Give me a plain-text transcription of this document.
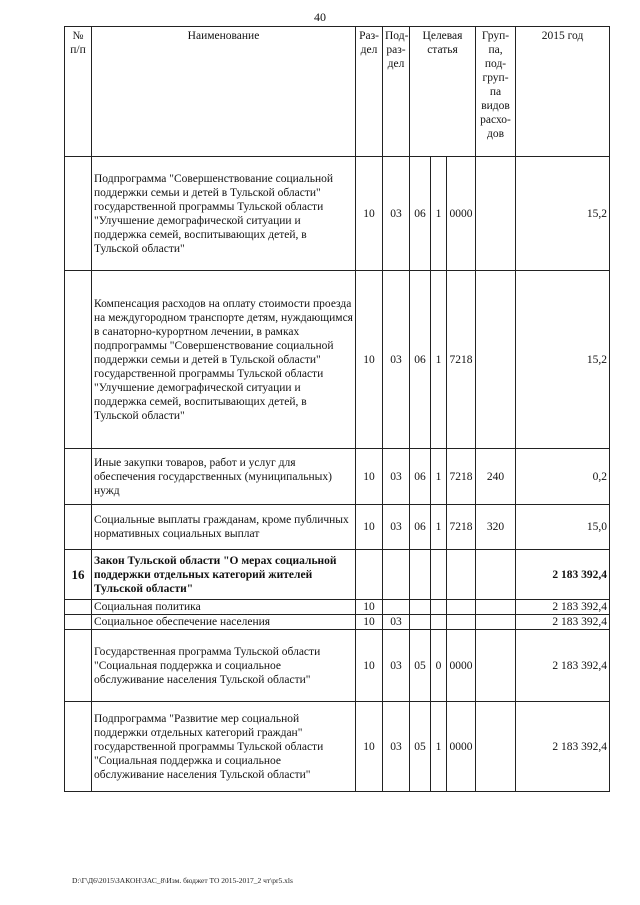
40
№ п/п	Наименование	Раз- дел	Под- раз- дел	Целевая статья			Груп- па, под- груп- па видов расхо- дов	2015 год
	Подпрограмма "Совершенствование социальной поддержки семьи и детей в Тульской области" государственной программы Тульской области "Улучшение демографической ситуации и поддержка семей, воспитывающих детей, в Тульской области"	10	03	06	1	0000		15,2
	Компенсация расходов на оплату стоимости проезда на междугородном транспорте детям, нуждающимся в санаторно-курортном лечении, в рамках подпрограммы "Совершенствование социальной поддержки семьи и детей в Тульской области" государственной программы Тульской области "Улучшение демографической ситуации и поддержка семей, воспитывающих детей, в Тульской области"	10	03	06	1	7218		15,2
	Иные закупки товаров, работ и услуг для обеспечения государственных (муниципальных) нужд	10	03	06	1	7218	240	0,2
	Социальные выплаты гражданам, кроме публичных нормативных социальных выплат	10	03	06	1	7218	320	15,0
16	Закон Тульской области "О мерах социальной поддержки отдельных категорий жителей Тульской области"							2 183 392,4
	Социальная политика	10						2 183 392,4
	Социальное обеспечение населения	10	03					2 183 392,4
	Государственная программа Тульской области "Социальная поддержка и социальное обслуживание населения Тульской области"	10	03	05	0	0000		2 183 392,4
	Подпрограмма "Развитие мер социальной поддержки отдельных категорий граждан" государственной программы Тульской области "Социальная поддержка и социальное обслуживание населения Тульской области"	10	03	05	1	0000		2 183 392,4
D:\Г\Д6\2015\ЗАКОН\ЗАС_8\Изм. бюджет ТО 2015-2017_2 чт\pr5.xls
